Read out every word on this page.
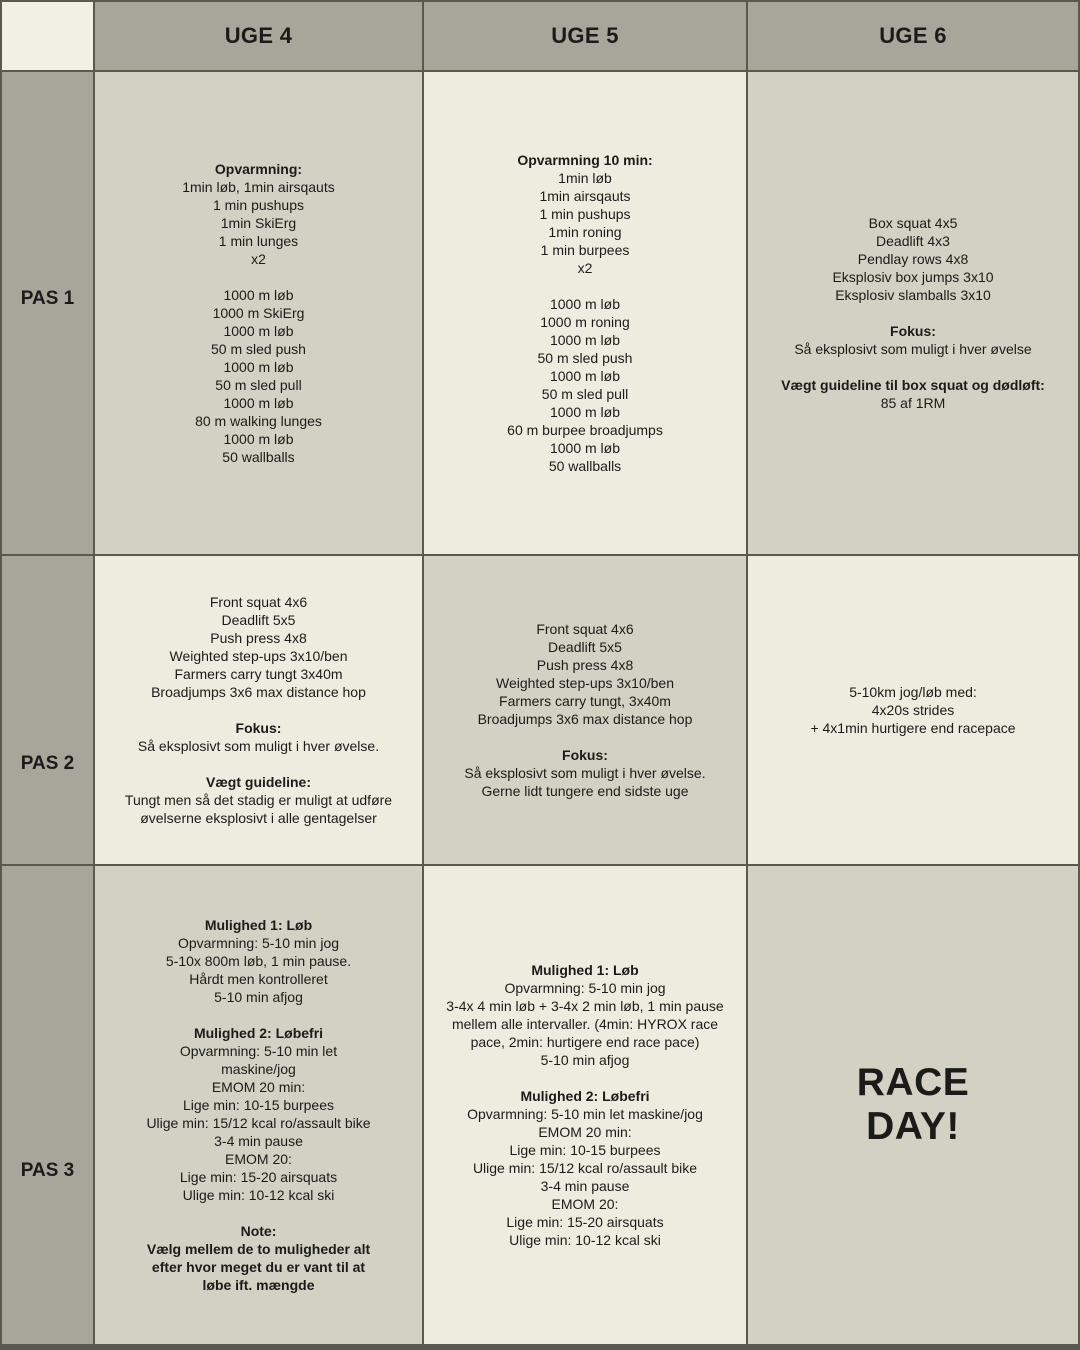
UGE 4	UGE 5	UGE 6
PAS 1
Opvarmning:
1min løb, 1min airsqauts
1 min pushups
1min SkiErg
1 min lunges
x2
1000 m løb
1000 m SkiErg
1000 m løb
50 m sled push
1000 m løb
50 m sled pull
1000 m løb
80 m walking lunges
1000 m løb
50 wallballs
Opvarmning 10 min:
1min løb
1min airsqauts
1 min pushups
1min roning
1 min burpees
x2
1000 m løb
1000 m roning
1000 m løb
50 m sled push
1000 m løb
50 m sled pull
1000 m løb
60 m burpee broadjumps
1000 m løb
50 wallballs
Box squat 4x5
Deadlift 4x3
Pendlay rows 4x8
Eksplosiv box jumps 3x10
Eksplosiv slamballs 3x10
Fokus:
Så eksplosivt som muligt i hver øvelse
Vægt guideline til box squat og dødløft:
85 af 1RM
PAS 2
Front squat 4x6
Deadlift 5x5
Push press 4x8
Weighted step-ups 3x10/ben
Farmers carry tungt 3x40m
Broadjumps 3x6 max distance hop
Fokus:
Så eksplosivt som muligt i hver øvelse.
Vægt guideline:
Tungt men så det stadig er muligt at udføre øvelserne eksplosivt i alle gentagelser
Front squat 4x6
Deadlift 5x5
Push press 4x8
Weighted step-ups 3x10/ben
Farmers carry tungt, 3x40m
Broadjumps 3x6 max distance hop
Fokus:
Så eksplosivt som muligt i hver øvelse.
Gerne lidt tungere end sidste uge
5-10km jog/løb med:
4x20s strides
+ 4x1min hurtigere end racepace
PAS 3
Mulighed 1: Løb
Opvarmning: 5-10 min jog
5-10x 800m løb, 1 min pause.
Hårdt men kontrolleret
5-10 min afjog
Mulighed 2: Løbefri
Opvarmning: 5-10 min let maskine/jog
EMOM 20 min:
Lige min: 10-15 burpees
Ulige min: 15/12 kcal ro/assault bike
3-4 min pause
EMOM 20:
Lige min: 15-20 airsquats
Ulige min: 10-12 kcal ski
Note:
Vælg mellem de to muligheder alt efter hvor meget du er vant til at løbe ift. mængde
Mulighed 1: Løb
Opvarmning: 5-10 min jog
3-4x 4 min løb + 3-4x 2 min løb, 1 min pause mellem alle intervaller. (4min: HYROX race pace, 2min: hurtigere end race pace)
5-10 min afjog
Mulighed 2: Løbefri
Opvarmning: 5-10 min let maskine/jog
EMOM 20 min:
Lige min: 10-15 burpees
Ulige min: 15/12 kcal ro/assault bike
3-4 min pause
EMOM 20:
Lige min: 15-20 airsquats
Ulige min: 10-12 kcal ski
RACE DAY!
